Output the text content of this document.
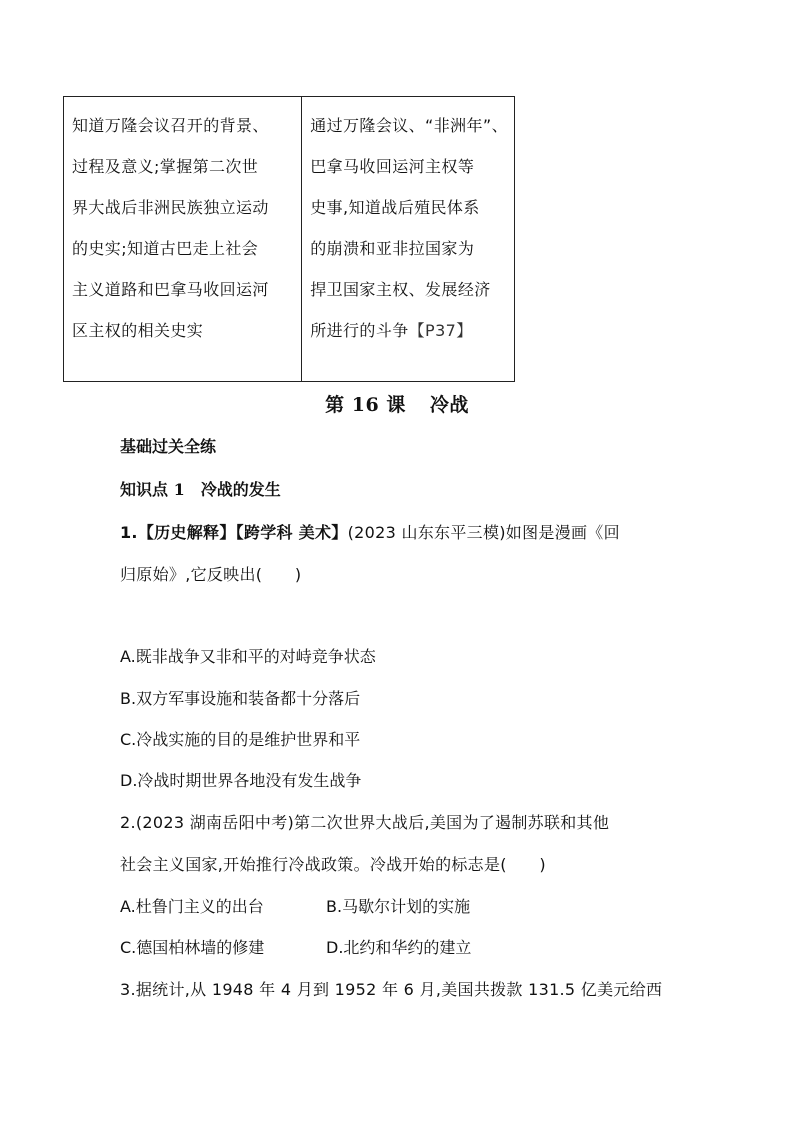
知道万隆会议召开的背景、
过程及意义;掌握第二次世
界大战后非洲民族独立运动
的史实;知道古巴走上社会
主义道路和巴拿马收回运河
区主权的相关史实
通过万隆会议、“非洲年”、
巴拿马收回运河主权等
史事,知道战后殖民体系
的崩溃和亚非拉国家为
捍卫国家主权、发展经济
所进行的斗争【P37】
第 16 课 冷战
基础过关全练
知识点 1　冷战的发生
1.【历史解释】【跨学科 美术】(2023 山东东平三模)如图是漫画《回
归原始》,它反映出(　　)
A.既非战争又非和平的对峙竞争状态
B.双方军事设施和装备都十分落后
C.冷战实施的目的是维护世界和平
D.冷战时期世界各地没有发生战争
2.(2023 湖南岳阳中考)第二次世界大战后,美国为了遏制苏联和其他
社会主义国家,开始推行冷战政策。冷战开始的标志是(　　)
A.杜鲁门主义的出台	B.马歇尔计划的实施
C.德国柏林墙的修建	D.北约和华约的建立
3.据统计,从 1948 年 4 月到 1952 年 6 月,美国共拨款 131.5 亿美元给西
